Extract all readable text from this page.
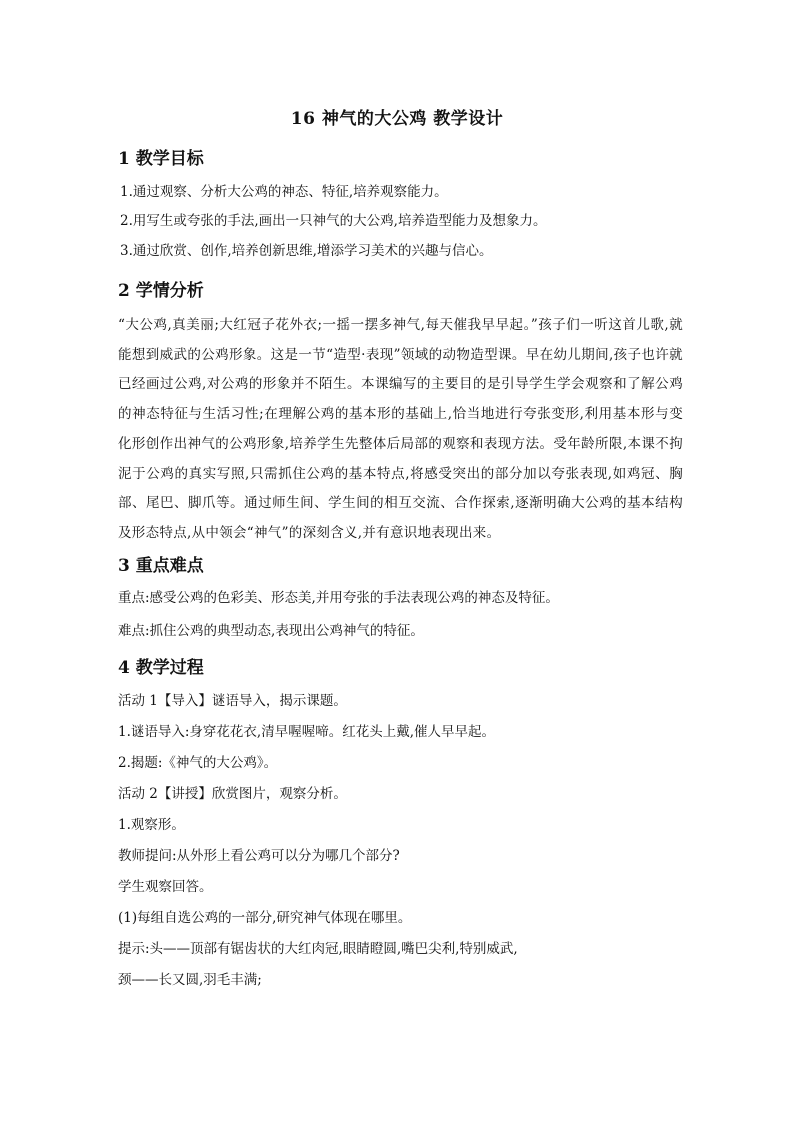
16 神气的大公鸡 教学设计
1 教学目标

1.通过观察、分析大公鸡的神态、特征,培养观察能力。

2.用写生或夸张的手法,画出一只神气的大公鸡,培养造型能力及想象力。

3.通过欣赏、创作,培养创新思维,增添学习美术的兴趣与信心。

2 学情分析

“大公鸡,真美丽;大红冠子花外衣;一摇一摆多神气,每天催我早早起。”孩子们一听这首儿歌,就能想到威武的公鸡形象。这是一节“造型·表现”领域的动物造型课。早在幼儿期间,孩子也许就已经画过公鸡,对公鸡的形象并不陌生。本课编写的主要目的是引导学生学会观察和了解公鸡的神态特征与生活习性;在理解公鸡的基本形的基础上,恰当地进行夸张变形,利用基本形与变化形创作出神气的公鸡形象,培养学生先整体后局部的观察和表现方法。受年龄所限,本课不拘泥于公鸡的真实写照,只需抓住公鸡的基本特点,将感受突出的部分加以夸张表现,如鸡冠、胸部、尾巴、脚爪等。通过师生间、学生间的相互交流、合作探索,逐渐明确大公鸡的基本结构及形态特点,从中领会“神气”的深刻含义,并有意识地表现出来。

3 重点难点

重点:感受公鸡的色彩美、形态美,并用夸张的手法表现公鸡的神态及特征。

难点:抓住公鸡的典型动态,表现出公鸡神气的特征。

4 教学过程

活动 1【导入】谜语导入，揭示课题。

1.谜语导入:身穿花花衣,清早喔喔啼。红花头上戴,催人早早起。

2.揭题:《神气的大公鸡》。

活动 2【讲授】欣赏图片，观察分析。

1.观察形。

教师提问:从外形上看公鸡可以分为哪几个部分?

学生观察回答。

(1)每组自选公鸡的一部分,研究神气体现在哪里。

提示:头——顶部有锯齿状的大红肉冠,眼睛瞪圆,嘴巴尖利,特别威武,

颈——长又圆,羽毛丰满;
